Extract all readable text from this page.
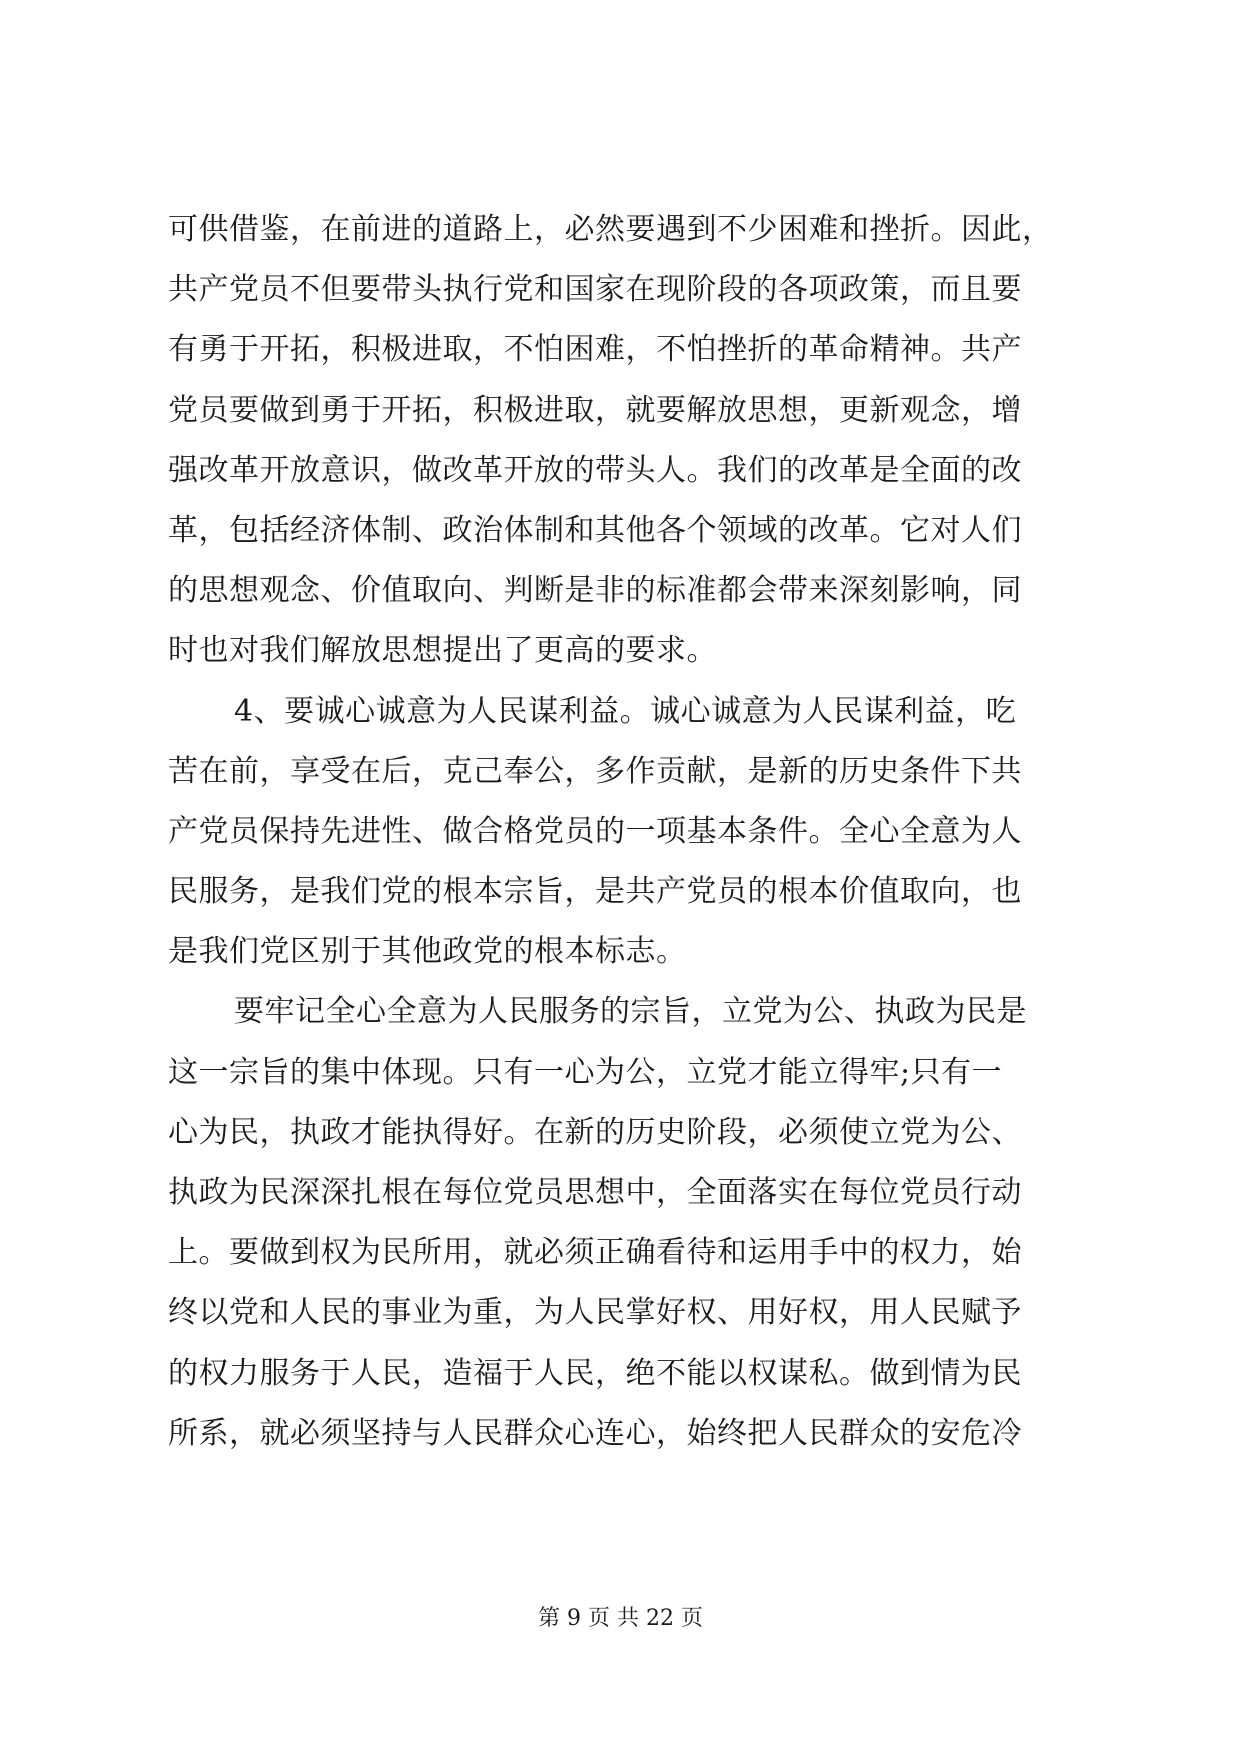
可供借鉴，在前进的道路上，必然要遇到不少困难和挫折。因此，
共产党员不但要带头执行党和国家在现阶段的各项政策，而且要
有勇于开拓，积极进取，不怕困难，不怕挫折的革命精神。共产
党员要做到勇于开拓，积极进取，就要解放思想，更新观念，增
强改革开放意识，做改革开放的带头人。我们的改革是全面的改
革，包括经济体制、政治体制和其他各个领域的改革。它对人们
的思想观念、价值取向、判断是非的标准都会带来深刻影响，同
时也对我们解放思想提出了更高的要求。
4、要诚心诚意为人民谋利益。诚心诚意为人民谋利益，吃
苦在前，享受在后，克己奉公，多作贡献，是新的历史条件下共
产党员保持先进性、做合格党员的一项基本条件。全心全意为人
民服务，是我们党的根本宗旨，是共产党员的根本价值取向，也
是我们党区别于其他政党的根本标志。
要牢记全心全意为人民服务的宗旨，立党为公、执政为民是
这一宗旨的集中体现。只有一心为公，立党才能立得牢;只有一
心为民，执政才能执得好。在新的历史阶段，必须使立党为公、
执政为民深深扎根在每位党员思想中，全面落实在每位党员行动
上。要做到权为民所用，就必须正确看待和运用手中的权力，始
终以党和人民的事业为重，为人民掌好权、用好权，用人民赋予
的权力服务于人民，造福于人民，绝不能以权谋私。做到情为民
所系，就必须坚持与人民群众心连心，始终把人民群众的安危冷
第 9 页 共 22 页
